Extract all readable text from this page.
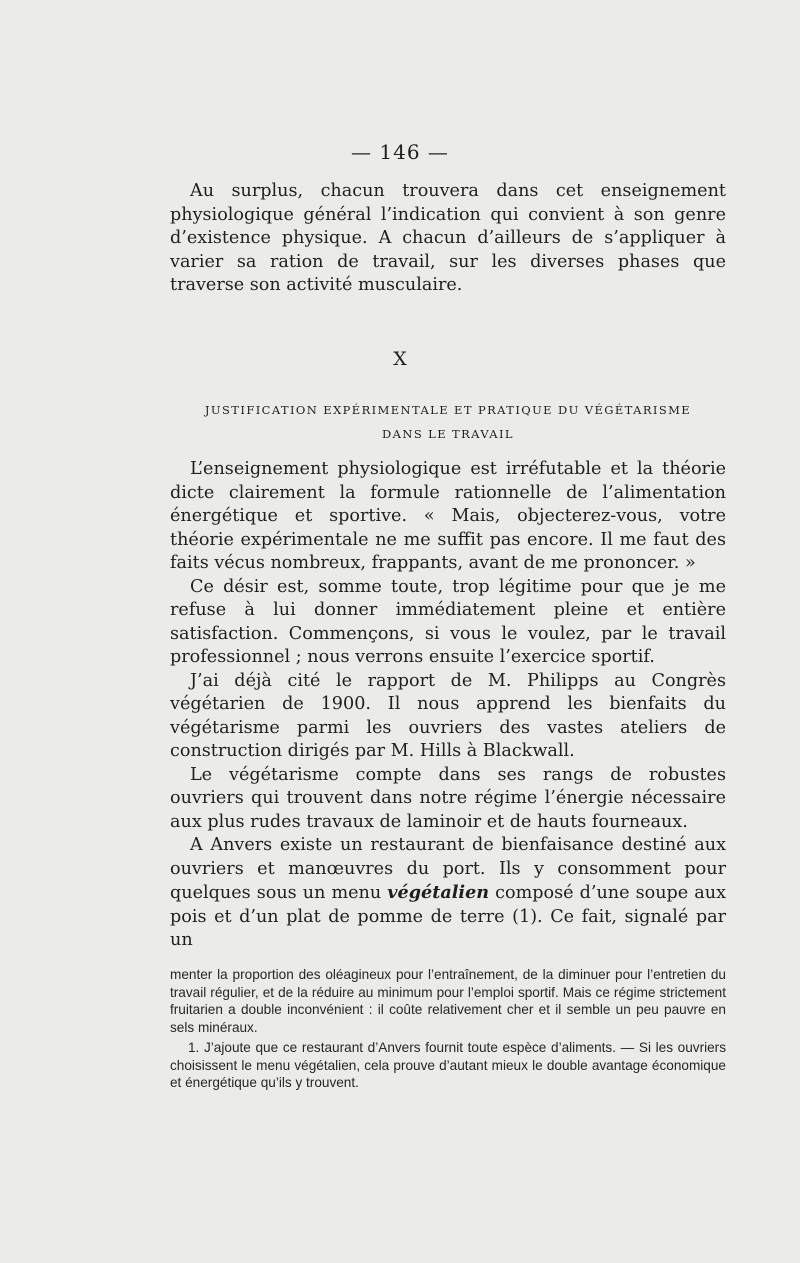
— 146 —

Au surplus, chacun trouvera dans cet enseignement physiologique général l’indication qui convient à son genre d’existence physique. A chacun d’ailleurs de s’appliquer à varier sa ration de travail, sur les diverses phases que traverse son activité musculaire.

X
JUSTIFICATION EXPÉRIMENTALE ET PRATIQUE DU VÉGÉTARISME
DANS LE TRAVAIL

L’enseignement physiologique est irréfutable et la théorie dicte clairement la formule rationnelle de l’alimentation énergétique et sportive. « Mais, objecterez-vous, votre théorie expérimentale ne me suffit pas encore. Il me faut des faits vécus nombreux, frappants, avant de me prononcer. »

Ce désir est, somme toute, trop légitime pour que je me refuse à lui donner immédiatement pleine et entière satisfaction. Commençons, si vous le voulez, par le travail professionnel ; nous verrons ensuite l’exercice sportif.

J’ai déjà cité le rapport de M. Philipps au Congrès végétarien de 1900. Il nous apprend les bienfaits du végétarisme parmi les ouvriers des vastes ateliers de construction dirigés par M. Hills à Blackwall.

Le végétarisme compte dans ses rangs de robustes ouvriers qui trouvent dans notre régime l’énergie nécessaire aux plus rudes travaux de laminoir et de hauts fourneaux.

A Anvers existe un restaurant de bienfaisance destiné aux ouvriers et manœuvres du port. Ils y consomment pour quelques sous un menu végétalien composé d’une soupe aux pois et d’un plat de pomme de terre (1). Ce fait, signalé par un

menter la proportion des oléagineux pour l’entraînement, de la diminuer pour l’entretien du travail régulier, et de la réduire au minimum pour l’emploi sportif. Mais ce régime strictement fruitarien a double inconvénient : il coûte relativement cher et il semble un peu pauvre en sels minéraux.

1. J’ajoute que ce restaurant d’Anvers fournit toute espèce d’aliments. — Si les ouvriers choisissent le menu végétalien, cela prouve d’autant mieux le double avantage économique et énergétique qu’ils y trouvent.
